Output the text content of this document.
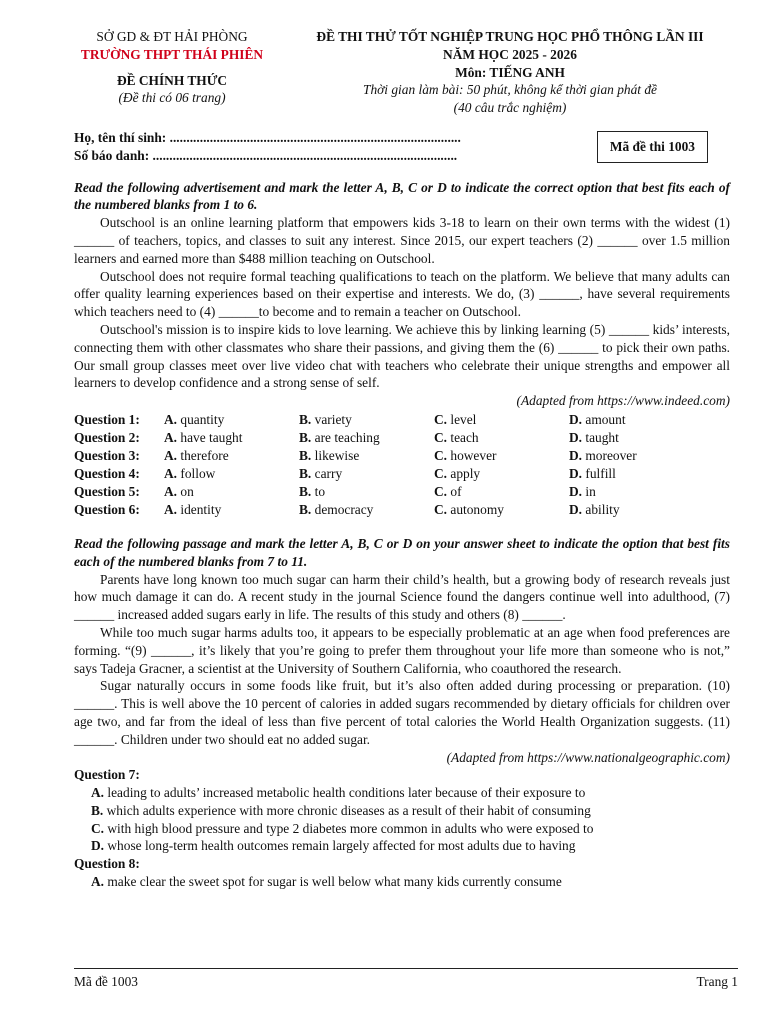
SỞ GD & ĐT HẢI PHÒNG
TRƯỜNG THPT THÁI PHIÊN
ĐỀ CHÍNH THỨC
(Đề thi có 06 trang)
ĐỀ THI THỬ TỐT NGHIỆP TRUNG HỌC PHỔ THÔNG LẦN III
NĂM HỌC 2025 - 2026
Môn: TIẾNG ANH
Thời gian làm bài: 50 phút, không kể thời gian phát đề
(40 câu trắc nghiệm)
Họ, tên thí sinh: .......................................................................................
Số báo danh: ...........................................................................................
Mã đề thi 1003
Read the following advertisement and mark the letter A, B, C or D to indicate the correct option that best fits each of the numbered blanks from 1 to 6.

Outschool is an online learning platform that empowers kids 3-18 to learn on their own terms with the widest (1) ______ of teachers, topics, and classes to suit any interest. Since 2015, our expert teachers (2) ______ over 1.5 million learners and earned more than $488 million teaching on Outschool.

Outschool does not require formal teaching qualifications to teach on the platform. We believe that many adults can offer quality learning experiences based on their expertise and interests. We do, (3) ______, have several requirements which teachers need to (4) ______to become and to remain a teacher on Outschool.

Outschool's mission is to inspire kids to love learning. We achieve this by linking learning (5) ______ kids’ interests, connecting them with other classmates who share their passions, and giving them the (6) ______ to pick their own paths. Our small group classes meet over live video chat with teachers who celebrate their unique strengths and empower all learners to develop confidence and a strong sense of self.

(Adapted from https://www.indeed.com)
Question 1:	A. quantity	B. variety	C. level	D. amount
Question 2:	A. have taught	B. are teaching	C. teach	D. taught
Question 3:	A. therefore	B. likewise	C. however	D. moreover
Question 4:	A. follow	B. carry	C. apply	D. fulfill
Question 5:	A. on	B. to	C. of	D. in
Question 6:	A. identity	B. democracy	C. autonomy	D. ability
Read the following passage and mark the letter A, B, C or D on your answer sheet to indicate the option that best fits each of the numbered blanks from 7 to 11.

Parents have long known too much sugar can harm their child’s health, but a growing body of research reveals just how much damage it can do. A recent study in the journal Science found the dangers continue well into adulthood, (7) ______ increased added sugars early in life. The results of this study and others (8) ______.

While too much sugar harms adults too, it appears to be especially problematic at an age when food preferences are forming. “(9) ______, it’s likely that you’re going to prefer them throughout your life more than someone who is not,” says Tadeja Gracner, a scientist at the University of Southern California, who coauthored the research.

Sugar naturally occurs in some foods like fruit, but it’s also often added during processing or preparation. (10) ______. This is well above the 10 percent of calories in added sugars recommended by dietary officials for children over age two, and far from the ideal of less than five percent of total calories the World Health Organization suggests. (11) ______. Children under two should eat no added sugar.

(Adapted from https://www.nationalgeographic.com)
Question 7:
A. leading to adults’ increased metabolic health conditions later because of their exposure to
B. which adults experience with more chronic diseases as a result of their habit of consuming
C. with high blood pressure and type 2 diabetes more common in adults who were exposed to
D. whose long-term health outcomes remain largely affected for most adults due to having
Question 8:
A. make clear the sweet spot for sugar is well below what many kids currently consume
Mã đề 1003	Trang 1
